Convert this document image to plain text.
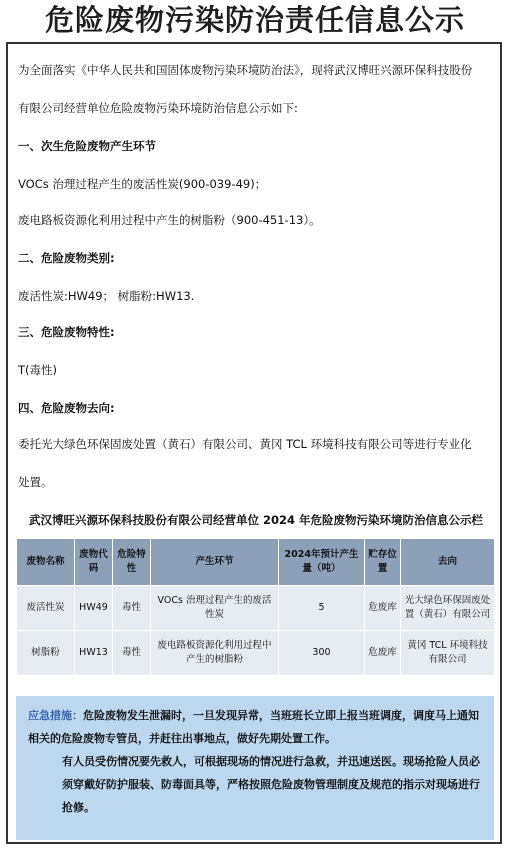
危险废物污染防治责任信息公示
为全面落实《中华人民共和国固体废物污染环境防治法》，现将武汉博旺兴源环保科技股份
有限公司经营单位危险废物污染环境防治信息公示如下:
一、次生危险废物产生环节
VOCs 治理过程产生的废活性炭(900-039-49)；
废电路板资源化利用过程中产生的树脂粉（900-451-13）。
二、危险废物类别:
废活性炭:HW49； 树脂粉:HW13.
三、危险废物特性:
T(毒性)
四、危险废物去向:
委托光大绿色环保固废处置（黄石）有限公司、黄冈 TCL 环境科技有限公司等进行专业化
处置。
武汉博旺兴源环保科技股份有限公司经营单位 2024 年危险废物污染环境防治信息公示栏
废物名称	废物代码	危险特性	产生环节	2024年预计产生量（吨）	贮存位置	去向
废活性炭	HW49	毒性	VOCs 治理过程产生的废活性炭	5	危废库	光大绿色环保固废处置（黄石）有限公司
树脂粉	HW13	毒性	废电路板资源化利用过程中产生的树脂粉	300	危废库	黄冈 TCL 环境科技有限公司

应急措施：危险废物发生泄漏时，一旦发现异常，当班班长立即上报当班调度，调度马上通知相关的危险废物专管员，并赶往出事地点，做好先期处置工作。

有人员受伤情况要先救人，可根据现场的情况进行急救，并迅速送医。现场抢险人员必须穿戴好防护服装、防毒面具等，严格按照危险废物管理制度及规范的指示对现场进行抢修。
